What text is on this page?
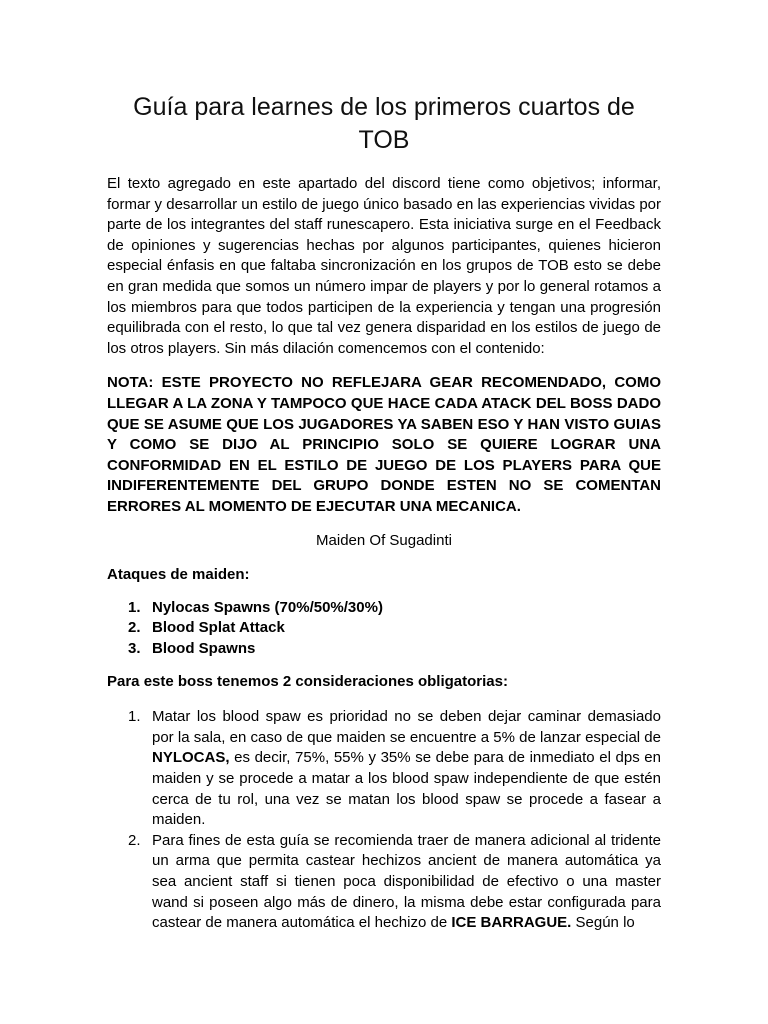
Guía para learnes de los primeros cuartos de
TOB

El texto agregado en este apartado del discord tiene como objetivos; informar, formar y desarrollar un estilo de juego único basado en las experiencias vividas por parte de los integrantes del staff runescapero. Esta iniciativa surge en el Feedback de opiniones y sugerencias hechas por algunos participantes, quienes hicieron especial énfasis en que faltaba sincronización en los grupos de TOB esto se debe en gran medida que somos un número impar de players y por lo general rotamos a los miembros para que todos participen de la experiencia y tengan una progresión equilibrada con el resto, lo que tal vez genera disparidad en los estilos de juego de los otros players. Sin más dilación comencemos con el contenido:

NOTA: ESTE PROYECTO NO REFLEJARA GEAR RECOMENDADO, COMO LLEGAR A LA ZONA Y TAMPOCO QUE HACE CADA ATACK DEL BOSS DADO QUE SE ASUME QUE LOS JUGADORES YA SABEN ESO Y HAN VISTO GUIAS Y COMO SE DIJO AL PRINCIPIO SOLO SE QUIERE LOGRAR UNA CONFORMIDAD EN EL ESTILO DE JUEGO DE LOS PLAYERS PARA QUE INDIFERENTEMENTE DEL GRUPO DONDE ESTEN NO SE COMENTAN ERRORES AL MOMENTO DE EJECUTAR UNA MECANICA.

Maiden Of Sugadinti

Ataques de maiden:

1. Nylocas Spawns (70%/50%/30%)
2. Blood Splat Attack
3. Blood Spawns

Para este boss tenemos 2 consideraciones obligatorias:

1. Matar los blood spaw es prioridad no se deben dejar caminar demasiado por la sala, en caso de que maiden se encuentre a 5% de lanzar especial de NYLOCAS, es decir, 75%, 55% y 35% se debe para de inmediato el dps en maiden y se procede a matar a los blood spaw independiente de que estén cerca de tu rol, una vez se matan los blood spaw se procede a fasear a maiden.
2. Para fines de esta guía se recomienda traer de manera adicional al tridente un arma que permita castear hechizos ancient de manera automática ya sea ancient staff si tienen poca disponibilidad de efectivo o una master wand si poseen algo más de dinero, la misma debe estar configurada para castear de manera automática el hechizo de ICE BARRAGUE. Según lo
